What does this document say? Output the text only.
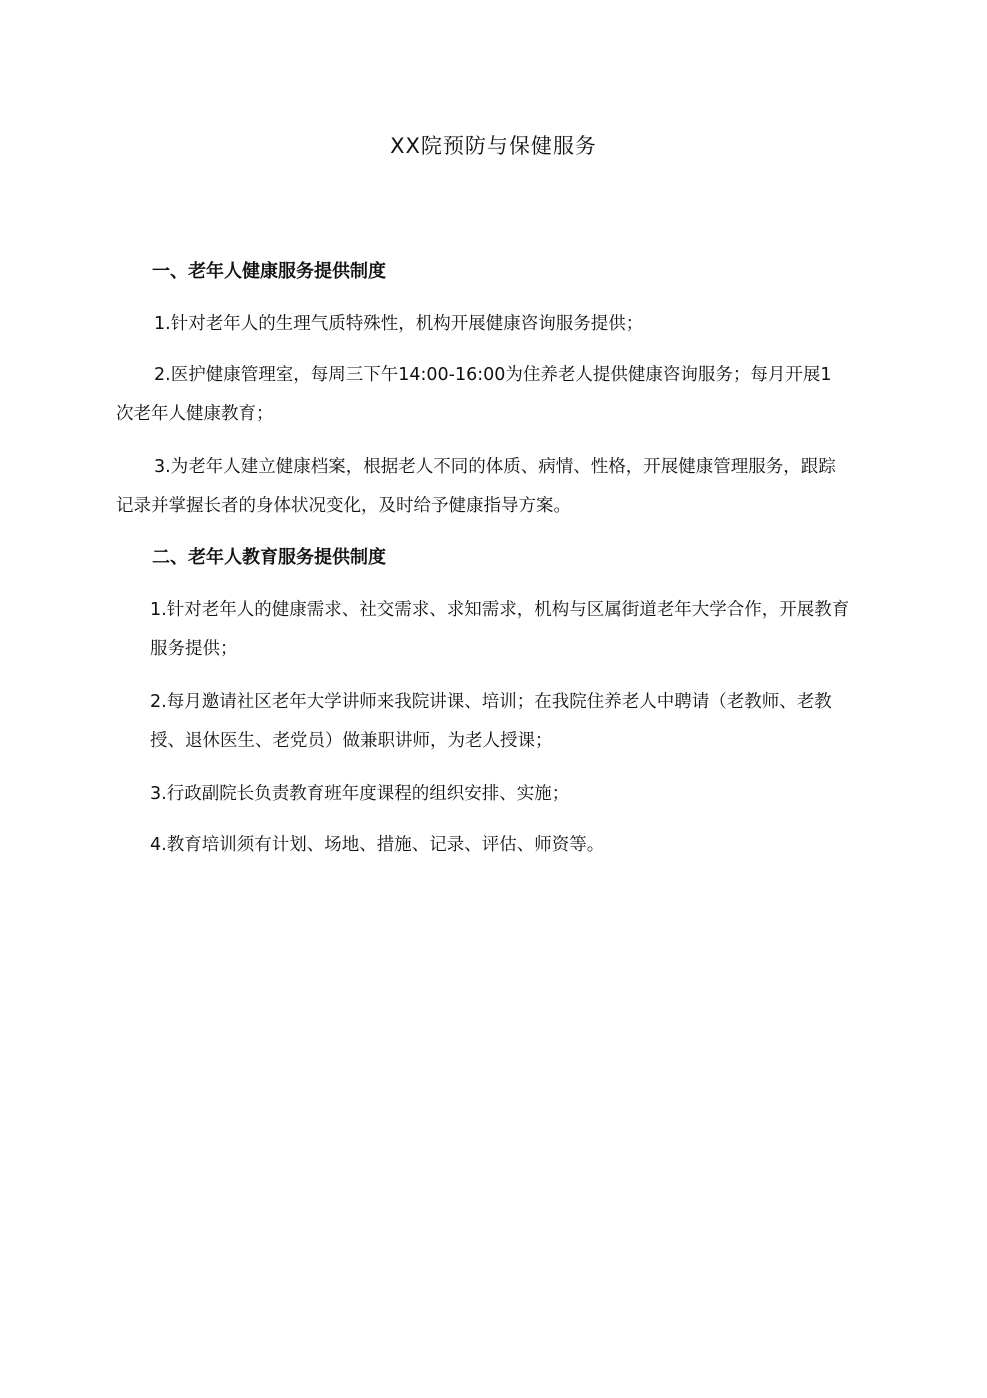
XX院预防与保健服务
一、老年人健康服务提供制度

1.针对老年人的生理气质特殊性，机构开展健康咨询服务提供；

2.医护健康管理室，每周三下午14:00-16:00为住养老人提供健康咨询服务；每月开展1次老年人健康教育；

3.为老年人建立健康档案，根据老人不同的体质、病情、性格，开展健康管理服务，跟踪记录并掌握长者的身体状况变化，及时给予健康指导方案。

二、老年人教育服务提供制度

1.针对老年人的健康需求、社交需求、求知需求，机构与区属街道老年大学合作，开展教育服务提供；

2.每月邀请社区老年大学讲师来我院讲课、培训；在我院住养老人中聘请（老教师、老教授、退休医生、老党员）做兼职讲师，为老人授课；

3.行政副院长负责教育班年度课程的组织安排、实施；

4.教育培训须有计划、场地、措施、记录、评估、师资等。
